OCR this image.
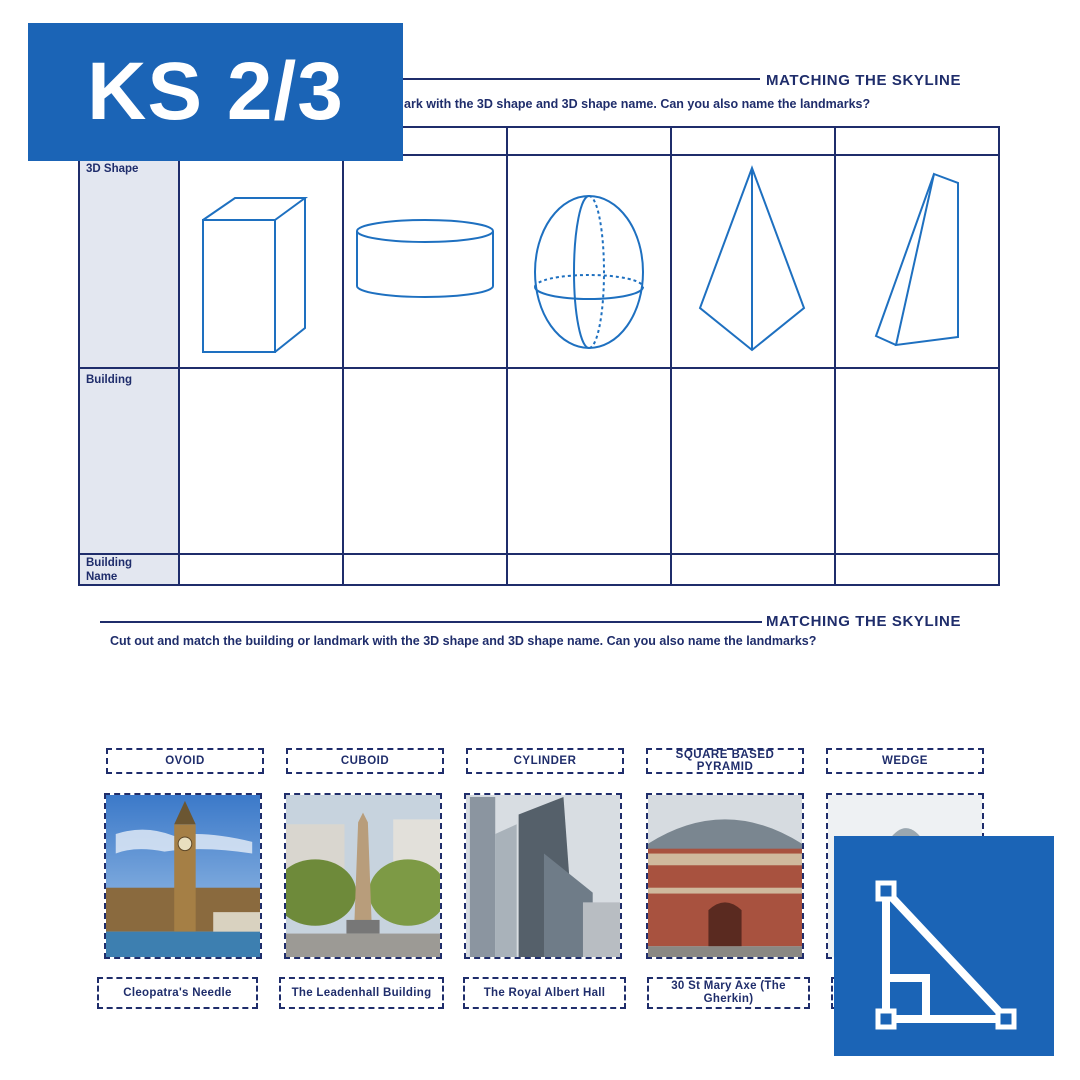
KS 2/3	MATCHING THE SKYLINE
ark with the 3D shape and 3D shape name. Can you also name the landmarks?
3D Shape
Building
Building Name
MATCHING THE SKYLINE
Cut out and match the building or landmark with the 3D shape and 3D shape name. Can you also name the landmarks?
OVOID	CUBOID	CYLINDER	SQUARE BASED PYRAMID	WEDGE
Cleopatra's Needle	The Leadenhall Building	The Royal Albert Hall
30 St Mary Axe (The Gherkin)
